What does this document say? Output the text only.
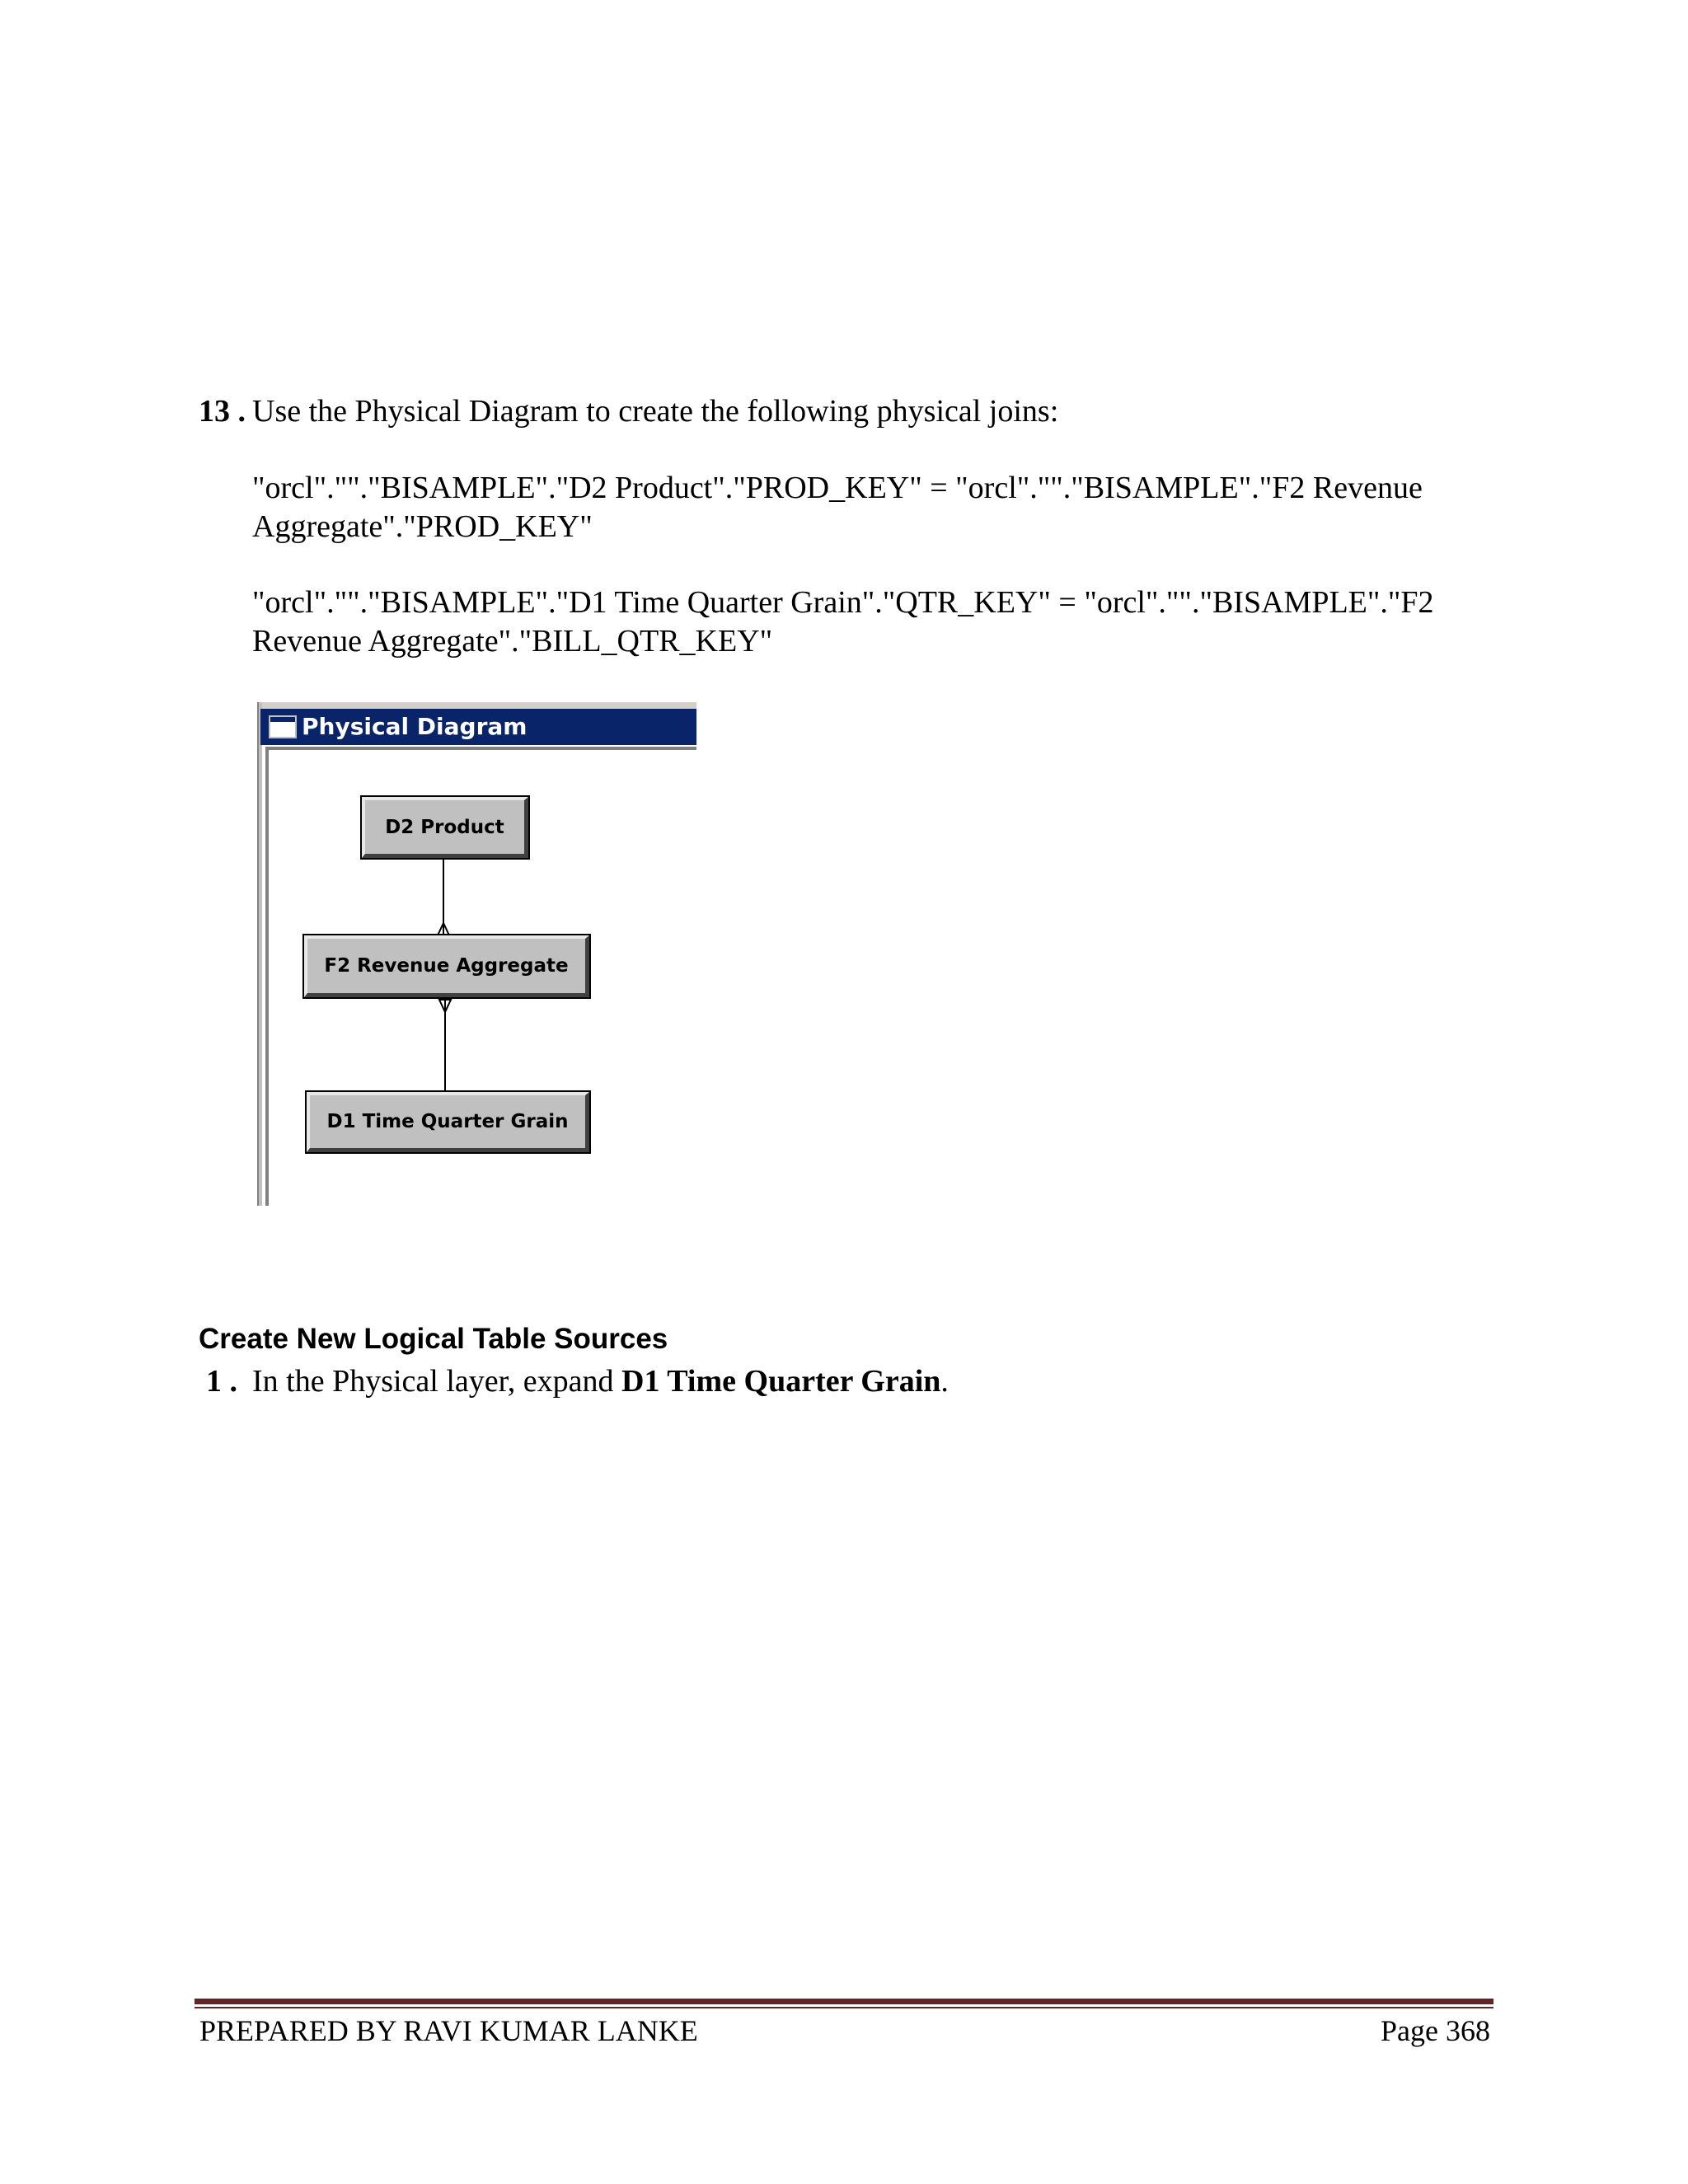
13 . Use the Physical Diagram to create the following physical joins:
"orcl".""."BISAMPLE"."D2 Product"."PROD_KEY" = "orcl".""."BISAMPLE"."F2 Revenue
Aggregate"."PROD_KEY"
"orcl".""."BISAMPLE"."D1 Time Quarter Grain"."QTR_KEY" = "orcl".""."BISAMPLE"."F2
Revenue Aggregate"."BILL_QTR_KEY"
Physical Diagram
D2 Product
F2 Revenue Aggregate
D1 Time Quarter Grain
Create New Logical Table Sources
1 . In the Physical layer, expand D1 Time Quarter Grain.
PREPARED BY RAVI KUMAR LANKE	Page 368
